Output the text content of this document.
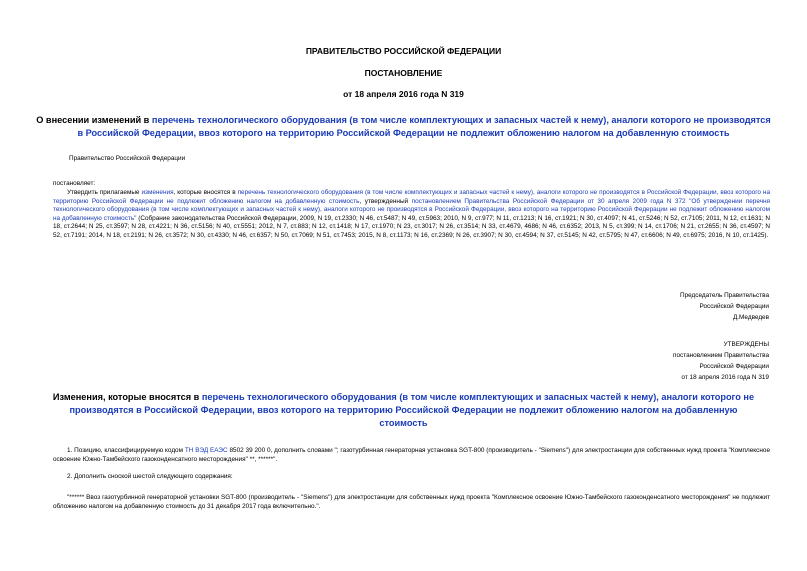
ПРАВИТЕЛЬСТВО РОССИЙСКОЙ ФЕДЕРАЦИИ
ПОСТАНОВЛЕНИЕ
от 18 апреля 2016 года N 319
О внесении изменений в перечень технологического оборудования (в том числе комплектующих и запасных частей к нему), аналоги которого не производятся в Российской Федерации, ввоз которого на территорию Российской Федерации не подлежит обложению налогом на добавленную стоимость
Правительство Российской Федерации
постановляет:
Утвердить прилагаемые изменения, которые вносятся в перечень технологического оборудования (в том числе комплектующих и запасных частей к нему), аналоги которого не производятся в Российской Федерации, ввоз которого на территорию Российской Федерации не подлежит обложению налогом на добавленную стоимость, утвержденный постановлением Правительства Российской Федерации от 30 апреля 2009 года N 372 "Об утверждении перечня технологического оборудования (в том числе комплектующих и запасных частей к нему), аналоги которого не производятся в Российской Федерации, ввоз которого на территорию Российской Федерации не подлежит обложению налогом на добавленную стоимость" (Собрание законодательства Российской Федерации, 2009, N 19, ст.2330; N 46, ст.5487; N 49, ст.5963; 2010, N 9, ст.977; N 11, ст.1213; N 16, ст.1921; N 30, ст.4097; N 41, ст.5246; N 52, ст.7105; 2011, N 12, ст.1631; N 18, ст.2644; N 25, ст.3597; N 28, ст.4221; N 36, ст.5156; N 40, ст.5551; 2012, N 7, ст.883; N 12, ст.1418; N 17, ст.1970; N 23, ст.3017; N 26, ст.3514; N 33, ст.4679, 4686; N 46, ст.6352; 2013, N 5, ст.399; N 14, ст.1706; N 21, ст.2655; N 36, ст.4597; N 52, ст.7191; 2014, N 18, ст.2191; N 26, ст.3572; N 30, ст.4330; N 46, ст.6357; N 50, ст.7069; N 51, ст.7453; 2015, N 8, ст.1173; N 16, ст.2369; N 26, ст.3907; N 30, ст.4594; N 37, ст.5145; N 42, ст.5795; N 47, ст.6606; N 49, ст.6975; 2016, N 10, ст.1425).
Председатель Правительства
Российской Федерации
Д.Медведев
УТВЕРЖДЕНЫ
постановлением Правительства
Российской Федерации
от 18 апреля 2016 года N 319
Изменения, которые вносятся в перечень технологического оборудования (в том числе комплектующих и запасных частей к нему), аналоги которого не производятся в Российской Федерации, ввоз которого на территорию Российской Федерации не подлежит обложению налогом на добавленную стоимость
1. Позицию, классифицируемую кодом ТН ВЭД ЕАЭС 8502 39 200 0, дополнить словами "; газотурбинная генераторная установка SGT-800 (производитель - "Siemens") для электростанции для собственных нужд проекта "Комплексное освоение Южно-Тамбейского газоконденсатного месторождения" **, ******".
2. Дополнить сноской шестой следующего содержания:
"****** Ввоз газотурбинной генераторной установки SGT-800 (производитель - "Siemens") для электростанции для собственных нужд проекта "Комплексное освоение Южно-Тамбейского газоконденсатного месторождения" не подлежит обложению налогом на добавленную стоимость до 31 декабря 2017 года включительно.".
